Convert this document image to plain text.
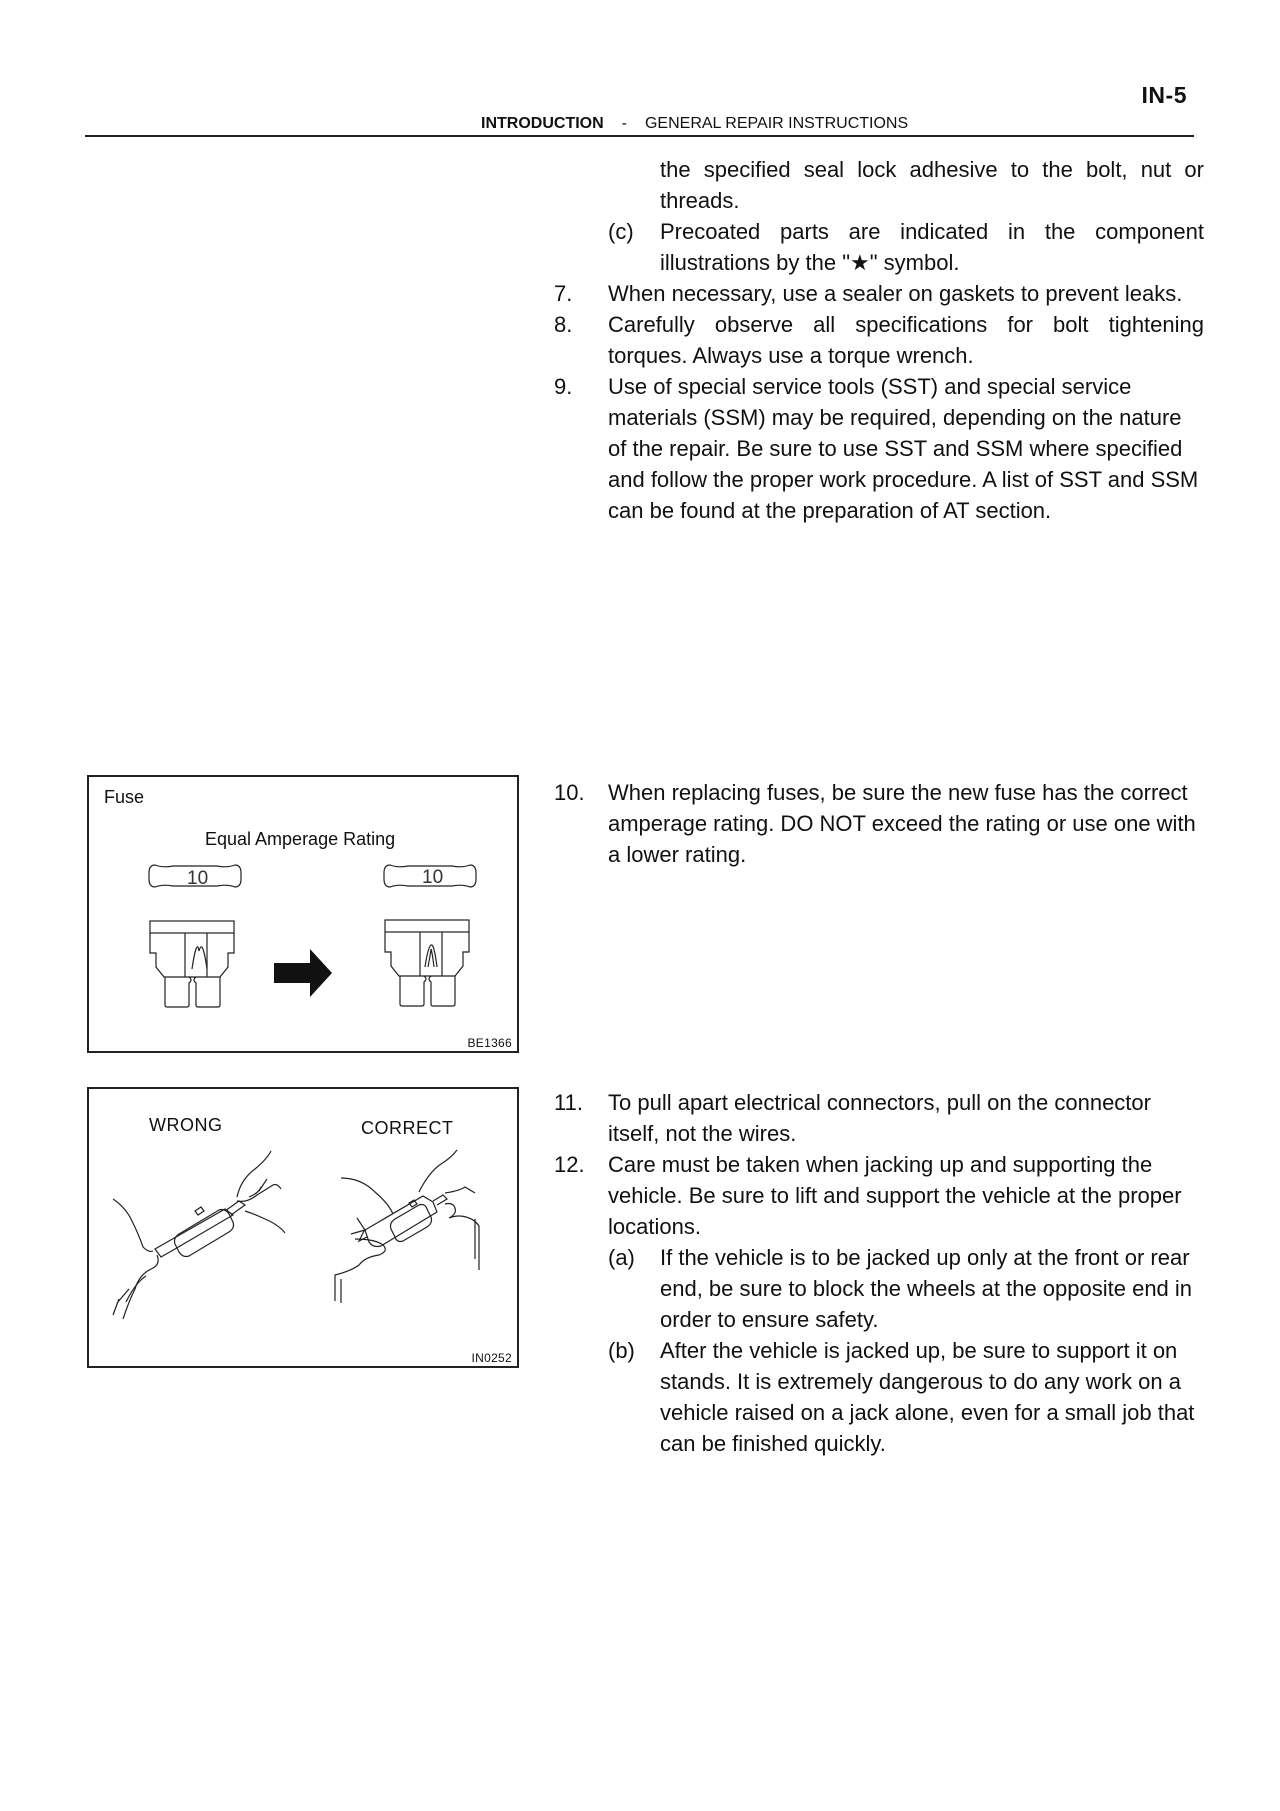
IN-5
INTRODUCTION - GENERAL REPAIR INSTRUCTIONS
the specified seal lock adhesive to the bolt, nut or threads.
(c) Precoated parts are indicated in the component illustrations by the "★" symbol.
7. When necessary, use a sealer on gaskets to prevent leaks.
8. Carefully observe all specifications for bolt tightening torques. Always use a torque wrench.
9. Use of special service tools (SST) and special service materials (SSM) may be required, depending on the nature of the repair. Be sure to use SST and SSM where specified and follow the proper work procedure. A list of SST and SSM can be found at the preparation of AT section.
10. When replacing fuses, be sure the new fuse has the correct amperage rating. DO NOT exceed the rating or use one with a lower rating.
11. To pull apart electrical connectors, pull on the connector itself, not the wires.
12. Care must be taken when jacking up and supporting the vehicle. Be sure to lift and support the vehicle at the proper locations.
(a) If the vehicle is to be jacked up only at the front or rear end, be sure to block the wheels at the opposite end in order to ensure safety.
(b) After the vehicle is jacked up, be sure to support it on stands. It is extremely dangerous to do any work on a vehicle raised on a jack alone, even for a small job that can be finished quickly.
Equal Amperage Rating
10	10
Fuse
BE1366
WRONG	CORRECT
IN0252
